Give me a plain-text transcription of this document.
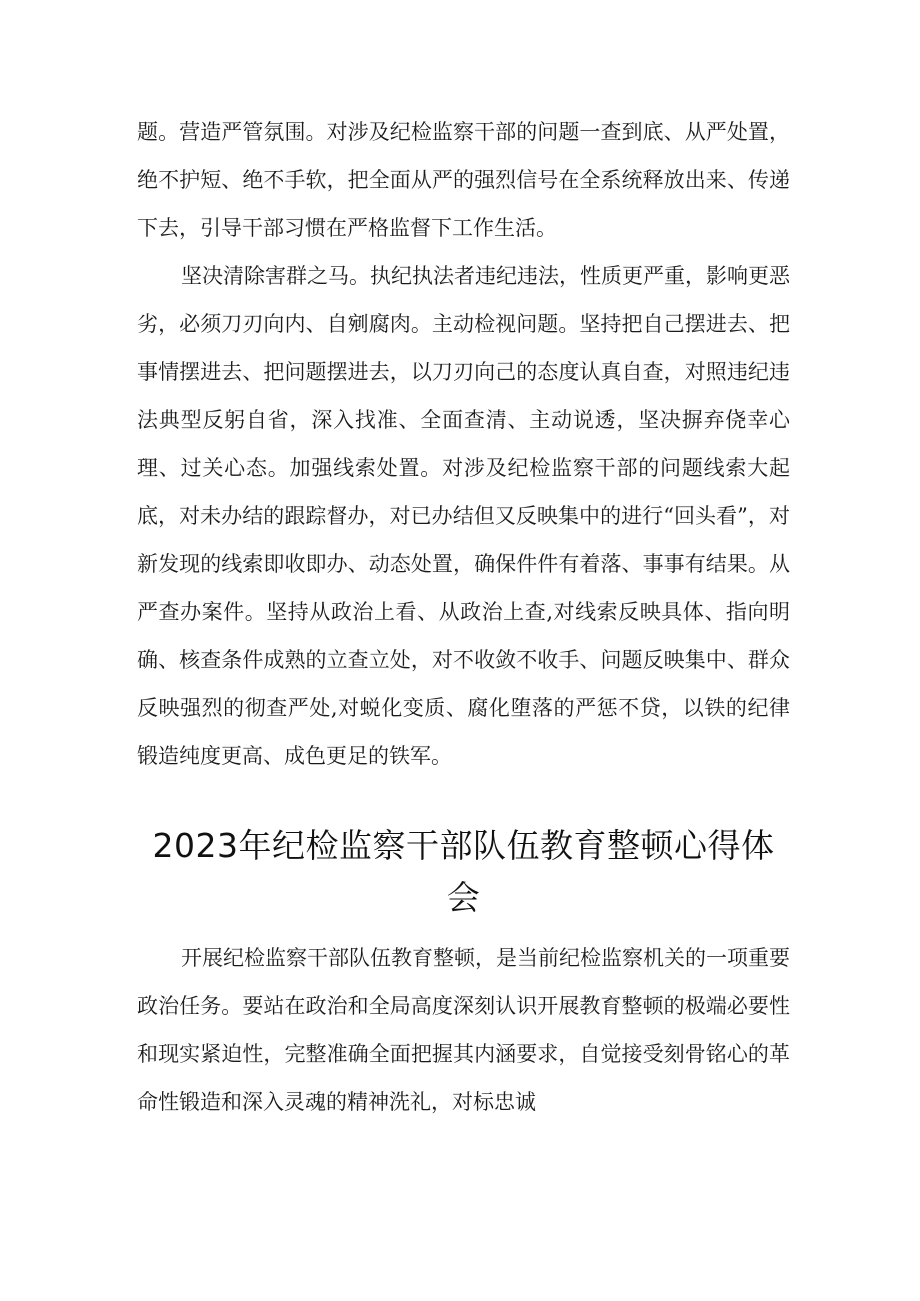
题。营造严管氛围。对涉及纪检监察干部的问题一查到底、从严处置，绝不护短、绝不手软，把全面从严的强烈信号在全系统释放出来、传递下去，引导干部习惯在严格监督下工作生活。

坚决清除害群之马。执纪执法者违纪违法，性质更严重，影响更恶劣，必须刀刃向内、自剜腐肉。主动检视问题。坚持把自己摆进去、把事情摆进去、把问题摆进去，以刀刃向己的态度认真自查，对照违纪违法典型反躬自省，深入找准、全面查清、主动说透，坚决摒弃侥幸心理、过关心态。加强线索处置。对涉及纪检监察干部的问题线索大起底，对未办结的跟踪督办，对已办结但又反映集中的进行“回头看”，对新发现的线索即收即办、动态处置，确保件件有着落、事事有结果。从严查办案件。坚持从政治上看、从政治上查,对线索反映具体、指向明确、核查条件成熟的立查立处，对不收敛不收手、问题反映集中、群众反映强烈的彻查严处,对蜕化变质、腐化堕落的严惩不贷，以铁的纪律锻造纯度更高、成色更足的铁军。

2023年纪检监察干部队伍教育整顿心得体会

开展纪检监察干部队伍教育整顿，是当前纪检监察机关的一项重要政治任务。要站在政治和全局高度深刻认识开展教育整顿的极端必要性和现实紧迫性，完整准确全面把握其内涵要求，自觉接受刻骨铭心的革命性锻造和深入灵魂的精神洗礼，对标忠诚
